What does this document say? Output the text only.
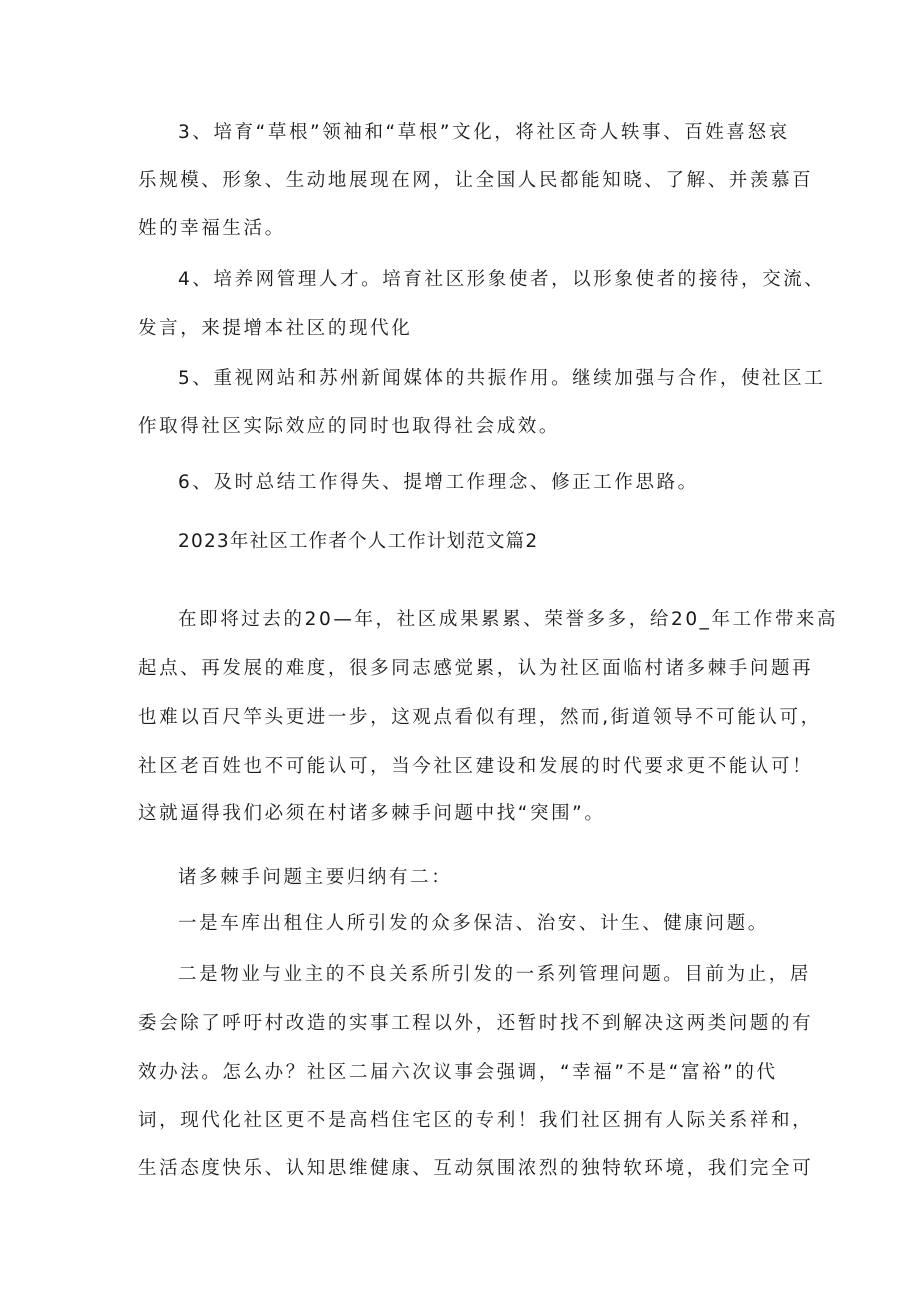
3、培育“草根”领袖和“草根”文化，将社区奇人轶事、百姓喜怒哀
乐规模、形象、生动地展现在网，让全国人民都能知晓、了解、并羡慕百
姓的幸福生活。
4、培养网管理人才。培育社区形象使者，以形象使者的接待，交流、
发言，来提增本社区的现代化
5、重视网站和苏州新闻媒体的共振作用。继续加强与合作，使社区工
作取得社区实际效应的同时也取得社会成效。
6、及时总结工作得失、提增工作理念、修正工作思路。
2023年社区工作者个人工作计划范文篇2
在即将过去的20—年，社区成果累累、荣誉多多，给20_年工作带来高
起点、再发展的难度，很多同志感觉累，认为社区面临村诸多棘手问题再
也难以百尺竿头更进一步，这观点看似有理，然而,街道领导不可能认可，
社区老百姓也不可能认可，当今社区建设和发展的时代要求更不能认可！
这就逼得我们必须在村诸多棘手问题中找“突围”。
诸多棘手问题主要归纳有二：
一是车库出租住人所引发的众多保洁、治安、计生、健康问题。
二是物业与业主的不良关系所引发的一系列管理问题。目前为止，居
委会除了呼吁村改造的实事工程以外，还暂时找不到解决这两类问题的有
效办法。怎么办？社区二届六次议事会强调，“幸福”不是“富裕”的代
词，现代化社区更不是高档住宅区的专利！我们社区拥有人际关系祥和，
生活态度快乐、认知思维健康、互动氛围浓烈的独特软环境，我们完全可
